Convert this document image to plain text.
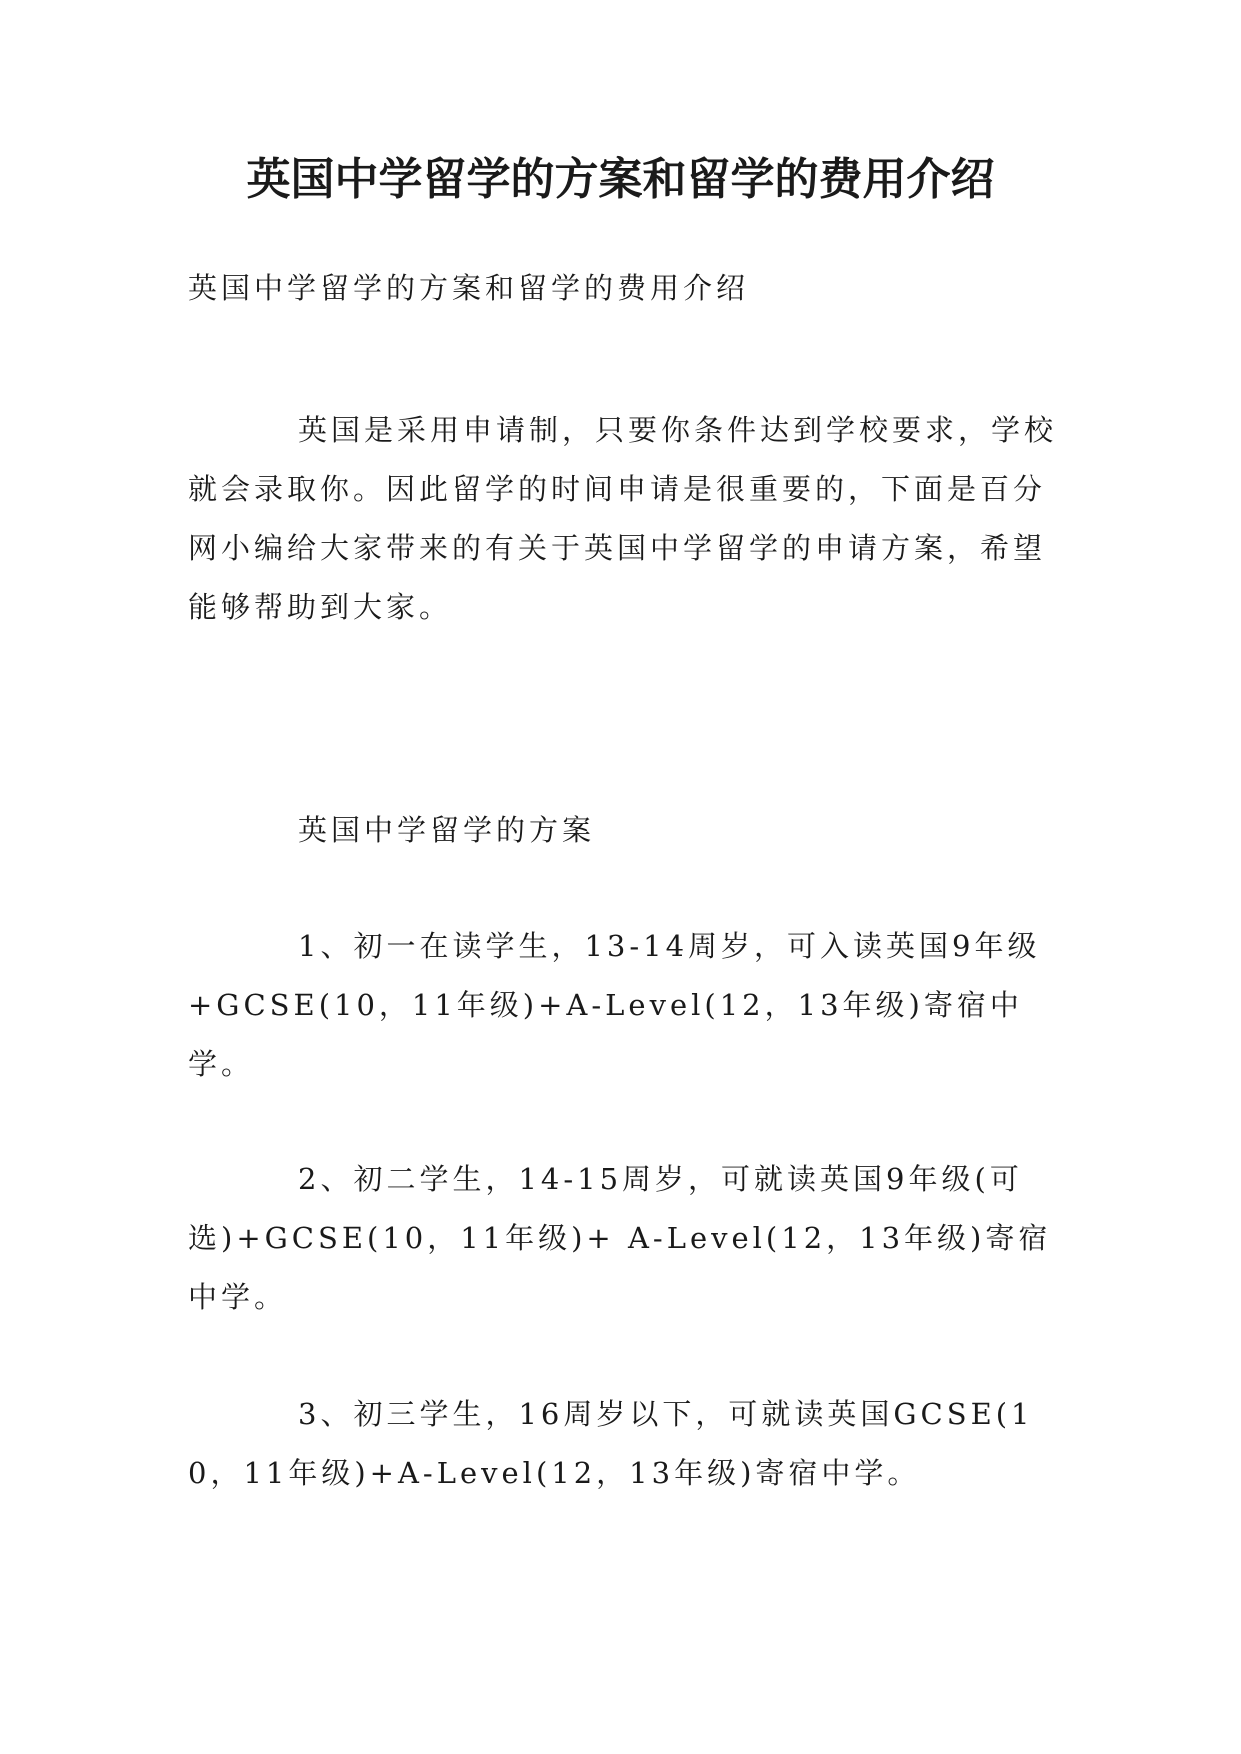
英国中学留学的方案和留学的费用介绍

英国中学留学的方案和留学的费用介绍

英国是采用申请制，只要你条件达到学校要求，学校就会录取你。因此留学的时间申请是很重要的，下面是百分网小编给大家带来的有关于英国中学留学的申请方案，希望能够帮助到大家。

英国中学留学的方案

1、初一在读学生，13-14周岁，可入读英国9年级+GCSE(10，11年级)+A-Level(12，13年级)寄宿中学。

2、初二学生，14-15周岁，可就读英国9年级(可选)+GCSE(10，11年级)+ A-Level(12，13年级)寄宿中学。

3、初三学生，16周岁以下，可就读英国GCSE(10，11年级)+A-Level(12，13年级)寄宿中学。
